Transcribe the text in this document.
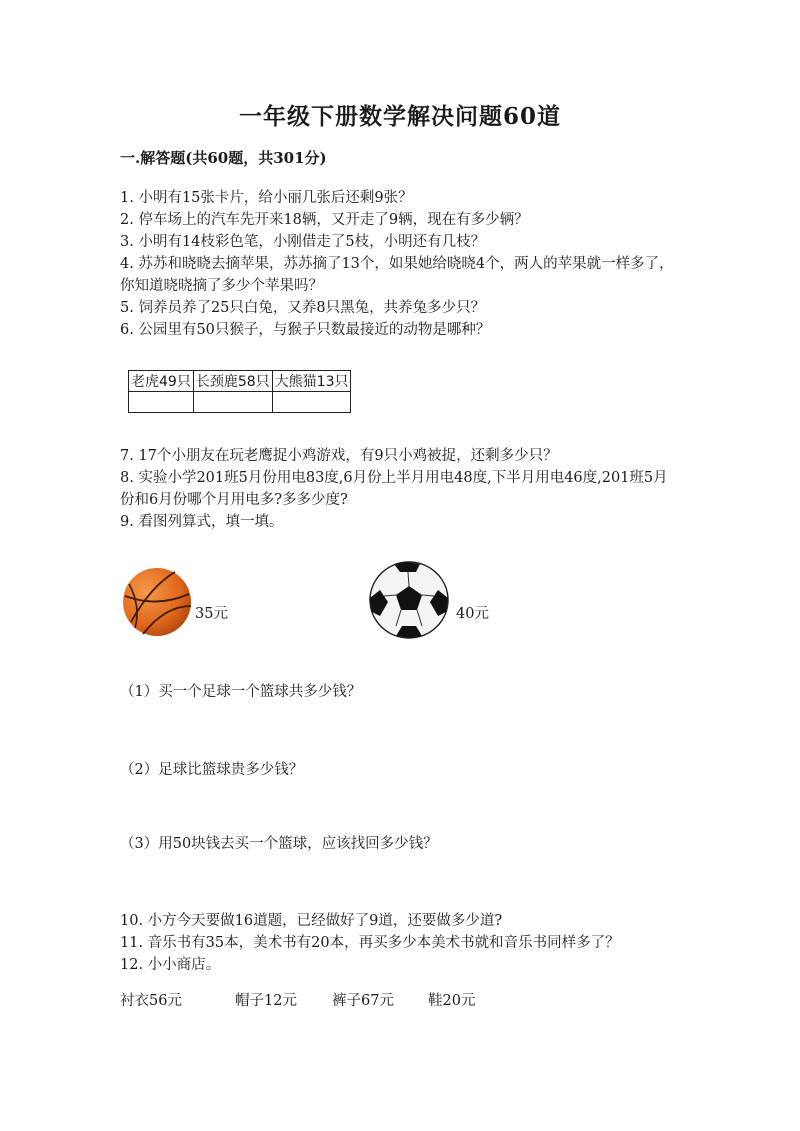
一年级下册数学解决问题60道
一.解答题(共60题，共301分)
1. 小明有15张卡片，给小丽几张后还剩9张？
2. 停车场上的汽车先开来18辆，又开走了9辆，现在有多少辆？
3. 小明有14枝彩色笔，小刚借走了5枝，小明还有几枝？
4. 苏苏和晓晓去摘苹果，苏苏摘了13个，如果她给晓晓4个，两人的苹果就一样多了，你知道晓晓摘了多少个苹果吗？
5. 饲养员养了25只白兔，又养8只黑兔，共养兔多少只？
6. 公园里有50只猴子，与猴子只数最接近的动物是哪种？
老虎49只	长颈鹿58只	大熊猫13只

7. 17个小朋友在玩老鹰捉小鸡游戏，有9只小鸡被捉，还剩多少只？
8. 实验小学201班5月份用电83度,6月份上半月用电48度,下半月用电46度,201班5月份和6月份哪个月用电多?多多少度?
9. 看图列算式，填一填。
35元	40元
（1）买一个足球一个篮球共多少钱？
（2）足球比篮球贵多少钱？
（3）用50块钱去买一个篮球，应该找回多少钱？
10. 小方今天要做16道题，已经做好了9道，还要做多少道?
11. 音乐书有35本，美术书有20本，再买多少本美术书就和音乐书同样多了？
12. 小小商店。
衬衣56元	帽子12元 裤子67元 鞋20元
